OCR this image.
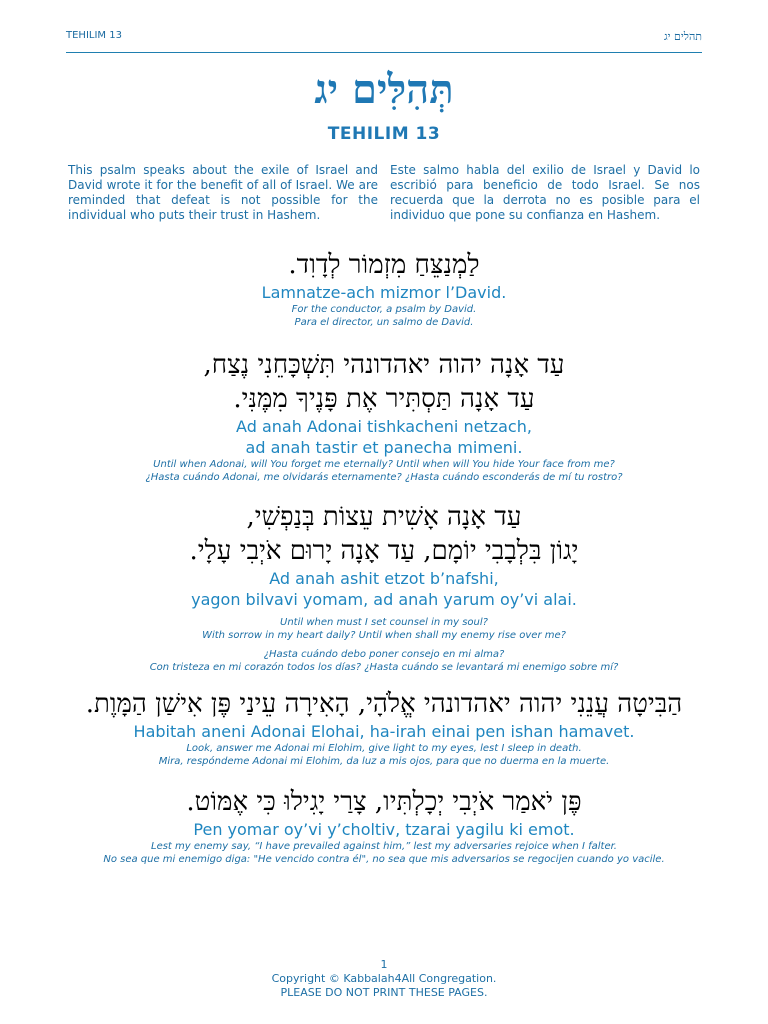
TEHILIM 13	תהלים יג
תְּהִלִּים יג
TEHILIM 13

This psalm speaks about the exile of Israel and David wrote it for the benefit of all of Israel. We are reminded that defeat is not possible for the individual who puts their trust in Hashem.

Este salmo habla del exilio de Israel y David lo escribió para beneficio de todo Israel. Se nos recuerda que la derrota no es posible para el individuo que pone su confianza en Hashem.

לַמְנַצֵּחַ מִזְמוֹר לְדָוִד.
Lamnatze-ach mizmor l’David.
For the conductor, a psalm by David.
Para el director, un salmo de David.
עַד אָנָה יהוה יאהדונהי תִּשְׁכָּחֵנִי נֶצַח,
עַד אָנָה תַּסְתִּיר אֶת פָּנֶיךָ מִמֶּנִּי.
Ad anah Adonai tishkacheni netzach,
ad anah tastir et panecha mimeni.
Until when Adonai, will You forget me eternally? Until when will You hide Your face from me?
¿Hasta cuándo Adonai, me olvidarás eternamente? ¿Hasta cuándo esconderás de mí tu rostro?
עַד אָנָה אָשִׁית עֵצוֹת בְּנַפְשִׁי,
יָגוֹן בִּלְבָבִי יוֹמָם, עַד אָנָה יָרוּם אֹיְבִי עָלָי.
Ad anah ashit etzot b’nafshi,
yagon bilvavi yomam, ad anah yarum oy’vi alai.
Until when must I set counsel in my soul?
With sorrow in my heart daily? Until when shall my enemy rise over me?
¿Hasta cuándo debo poner consejo en mi alma?
Con tristeza en mi corazón todos los días? ¿Hasta cuándo se levantará mi enemigo sobre mí?
הַבִּיטָה עֲנֵנִי יהוה יאהדונהי אֱלֹהָי, הָאִירָה עֵינַי פֶּן אִישַׁן הַמָּוֶת.
Habitah aneni Adonai Elohai, ha-irah einai pen ishan hamavet.
Look, answer me Adonai mi Elohim, give light to my eyes, lest I sleep in death.
Mira, respóndeme Adonai mi Elohim, da luz a mis ojos, para que no duerma en la muerte.
פֶּן יֹאמַר אֹיְבִי יְכָלְתִּיו, צָרַי יָגִילוּ כִּי אֶמּוֹט.
Pen yomar oy’vi y’choltiv, tzarai yagilu ki emot.
Lest my enemy say, “I have prevailed against him,” lest my adversaries rejoice when I falter.
No sea que mi enemigo diga: "He vencido contra él", no sea que mis adversarios se regocijen cuando yo vacile.
1
Copyright © Kabbalah4All Congregation.
PLEASE DO NOT PRINT THESE PAGES.
